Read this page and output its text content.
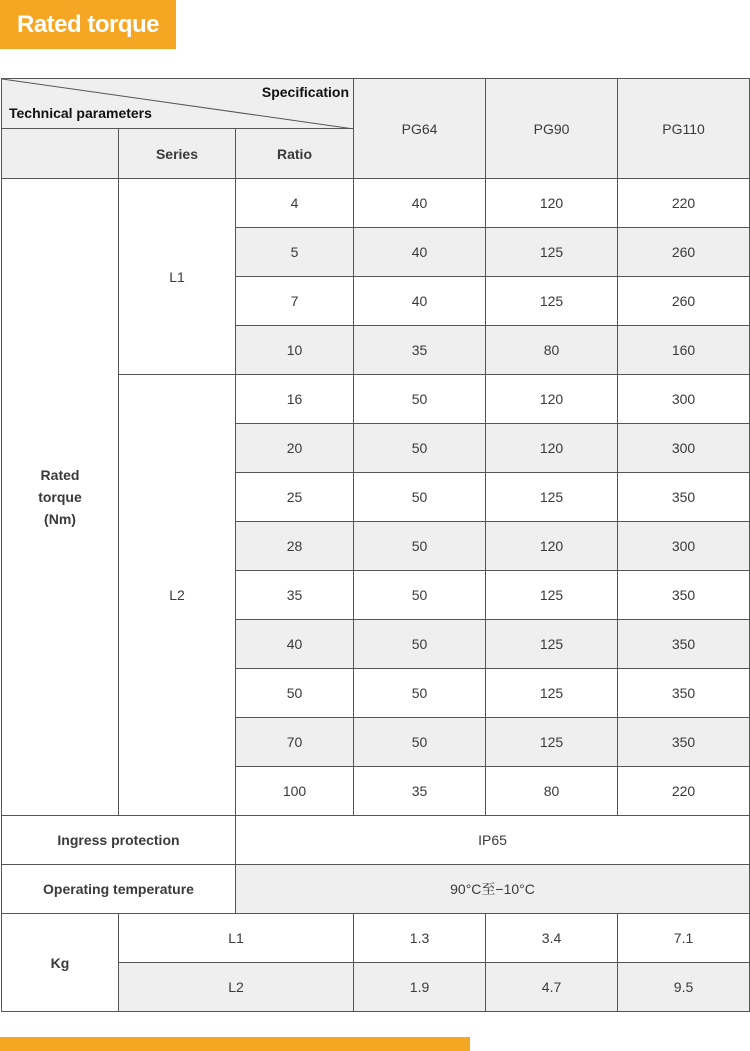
Rated torque
Specification
Technical parameters			PG64	PG90	PG110
	Series	Ratio			

Rated
torque
(Nm)	L1	4	40	120	220
		5	40	125	260
		7	40	125	260
		10	35	80	160
	L2	16	50	120	300
		20	50	120	300
		25	50	125	350
		28	50	120	300
		35	50	125	350
		40	50	125	350
		50	50	125	350
		70	50	125	350
		100	35	80	220
Ingress protection		IP65			
Operating temperature		90°C至−10°C			
Kg	L1		1.3	3.4	7.1
	L2		1.9	4.7	9.5
